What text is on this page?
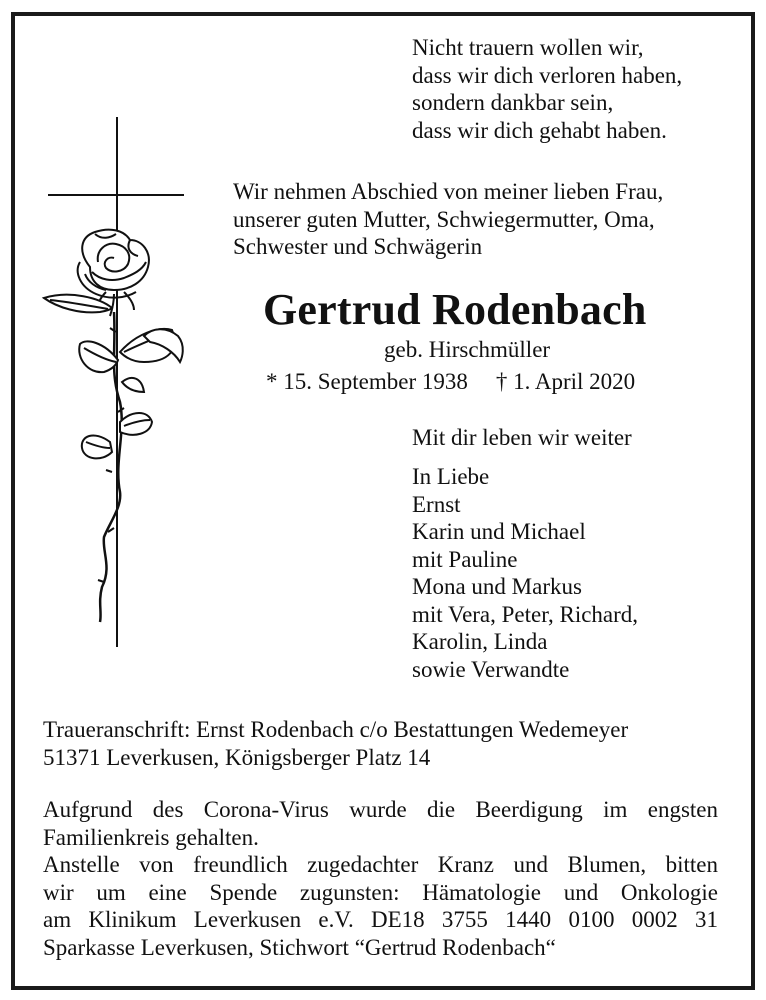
Nicht trauern wollen wir,
dass wir dich verloren haben,
sondern dankbar sein,
dass wir dich gehabt haben.
Wir nehmen Abschied von meiner lieben Frau,
unserer guten Mutter, Schwiegermutter, Oma,
Schwester und Schwägerin
Gertrud Rodenbach
geb. Hirschmüller
* 15. September 1938 † 1. April 2020
Mit dir leben wir weiter
In Liebe
Ernst
Karin und Michael
mit Pauline
Mona und Markus
mit Vera, Peter, Richard,
Karolin, Linda
sowie Verwandte
Traueranschrift: Ernst Rodenbach c/o Bestattungen Wedemeyer
51371 Leverkusen, Königsberger Platz 14
Aufgrund des Corona-Virus wurde die Beerdigung im engsten
Familienkreis gehalten.
Anstelle von freundlich zugedachter Kranz und Blumen, bitten
wir um eine Spende zugunsten: Hämatologie und Onkologie
am Klinikum Leverkusen e.V. DE18 3755 1440 0100 0002 31
Sparkasse Leverkusen, Stichwort “Gertrud Rodenbach“
